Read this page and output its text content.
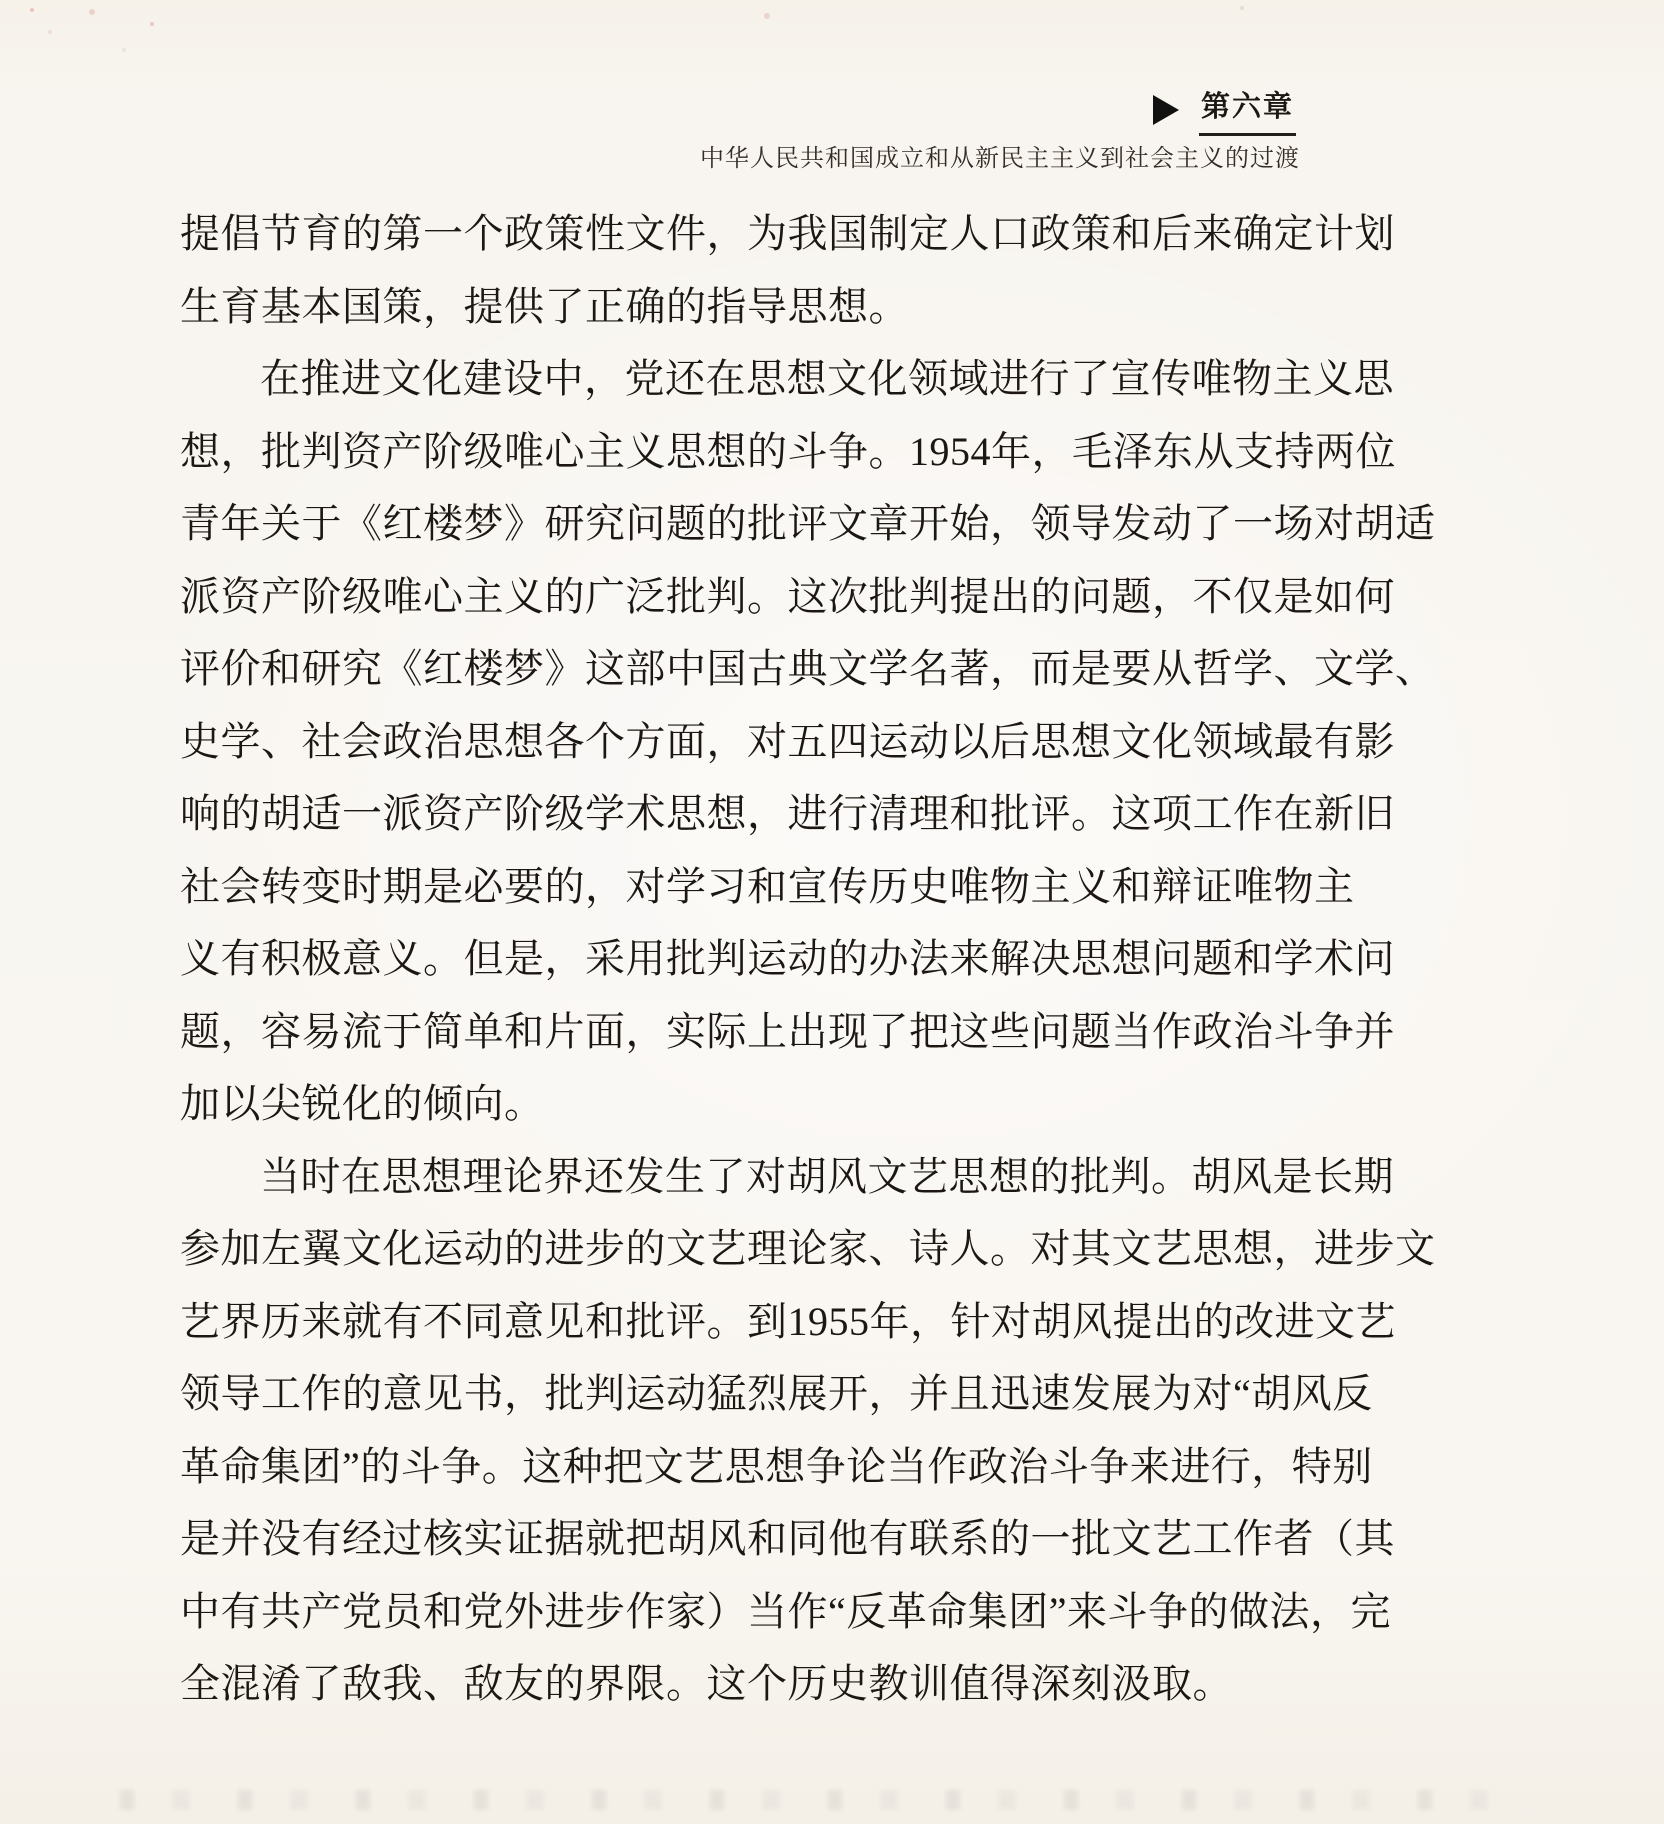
第六章
中华人民共和国成立和从新民主主义到社会主义的过渡
提倡节育的第一个政策性文件，为我国制定人口政策和后来确定计划
生育基本国策，提供了正确的指导思想。
在推进文化建设中，党还在思想文化领域进行了宣传唯物主义思
想，批判资产阶级唯心主义思想的斗争。1954年，毛泽东从支持两位
青年关于《红楼梦》研究问题的批评文章开始，领导发动了一场对胡适
派资产阶级唯心主义的广泛批判。这次批判提出的问题，不仅是如何
评价和研究《红楼梦》这部中国古典文学名著，而是要从哲学、文学、
史学、社会政治思想各个方面，对五四运动以后思想文化领域最有影
响的胡适一派资产阶级学术思想，进行清理和批评。这项工作在新旧
社会转变时期是必要的，对学习和宣传历史唯物主义和辩证唯物主
义有积极意义。但是，采用批判运动的办法来解决思想问题和学术问
题，容易流于简单和片面，实际上出现了把这些问题当作政治斗争并
加以尖锐化的倾向。
当时在思想理论界还发生了对胡风文艺思想的批判。胡风是长期
参加左翼文化运动的进步的文艺理论家、诗人。对其文艺思想，进步文
艺界历来就有不同意见和批评。到1955年，针对胡风提出的改进文艺
领导工作的意见书，批判运动猛烈展开，并且迅速发展为对“胡风反
革命集团”的斗争。这种把文艺思想争论当作政治斗争来进行，特别
是并没有经过核实证据就把胡风和同他有联系的一批文艺工作者（其
中有共产党员和党外进步作家）当作“反革命集团”来斗争的做法，完
全混淆了敌我、敌友的界限。这个历史教训值得深刻汲取。
